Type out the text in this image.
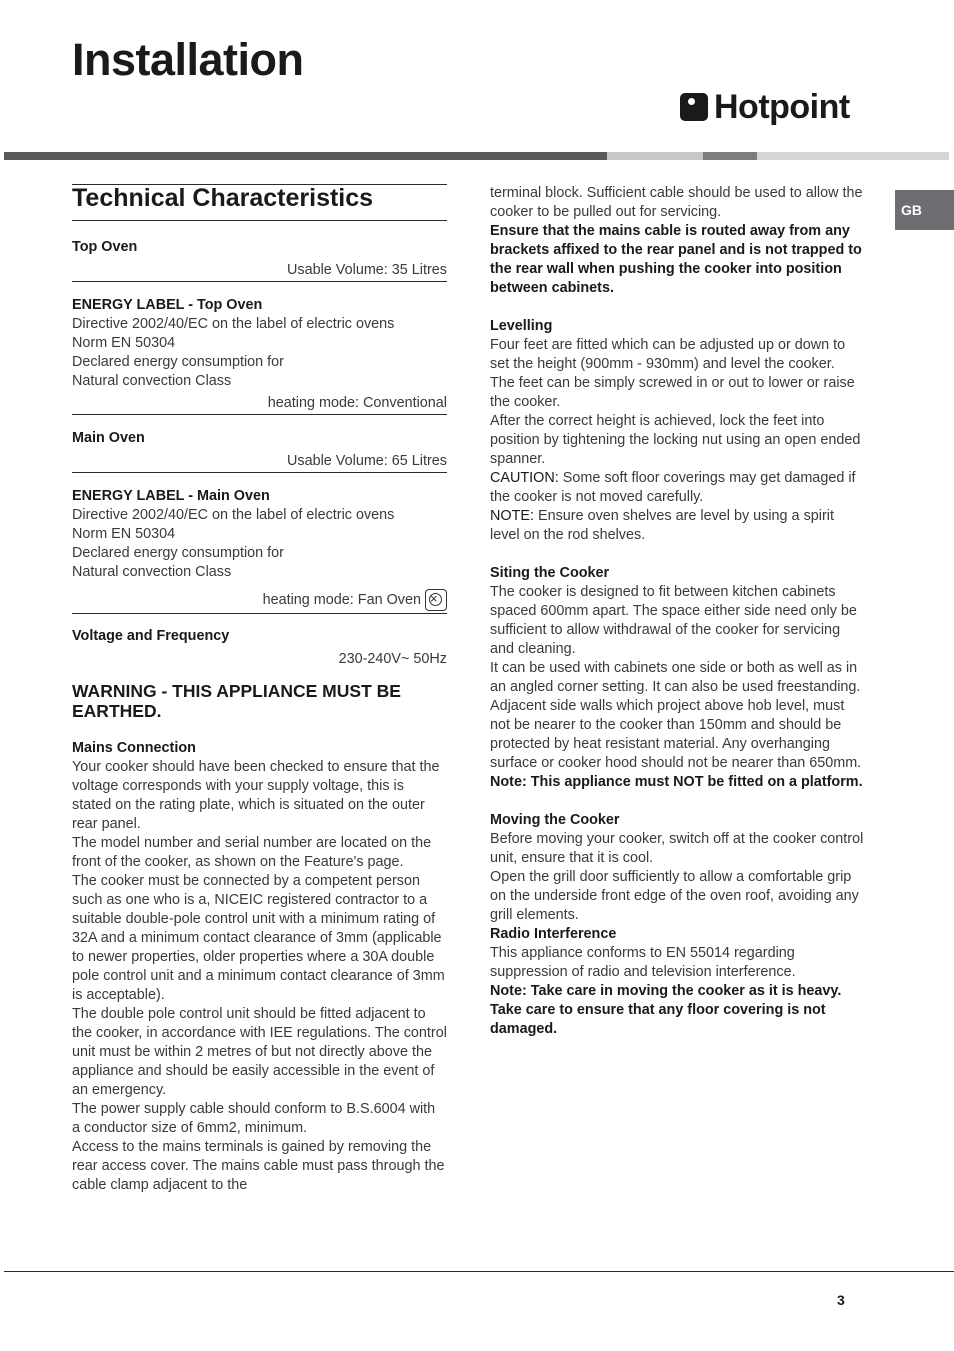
Installation
Hotpoint
GB
Technical Characteristics
Top Oven
Usable Volume: 35 Litres
ENERGY LABEL - Top Oven
Directive 2002/40/EC on the label of electric ovens
Norm EN 50304
Declared energy consumption for
Natural convection Class
heating mode: Conventional
Main Oven
Usable Volume: 65 Litres
ENERGY LABEL - Main Oven
Directive 2002/40/EC on the label of electric ovens
Norm EN 50304
Declared energy consumption for
Natural convection Class
heating mode: Fan Oven×
Voltage and Frequency
230-240V~ 50Hz
WARNING - THIS APPLIANCE MUST BE EARTHED.
Mains Connection

Your cooker should have been checked to ensure that the voltage corresponds with your supply voltage, this is stated on the rating plate, which is situated on the outer rear panel.

The model number and serial number are located on the front of the cooker, as shown on the Feature's page.

The cooker must be connected by a competent person such as one who is a, NICEIC registered contractor to a suitable double-pole control unit with a minimum rating of 32A and a minimum contact clearance of 3mm (applicable to newer properties, older properties where a 30A double pole control unit and a minimum contact clearance of 3mm is acceptable).

The double pole control unit should be fitted adjacent to the cooker, in accordance with IEE regulations. The control unit must be within 2 metres of but not directly above the appliance and should be easily accessible in the event of an emergency.

The power supply cable should conform to B.S.6004 with a conductor size of 6mm2, minimum.

Access to the mains terminals is gained by removing the rear access cover. The mains cable must pass through the cable clamp adjacent to the

terminal block. Sufficient cable should be used to allow the cooker to be pulled out for servicing.

Ensure that the mains cable is routed away from any brackets affixed to the rear panel and is not trapped to the rear wall when pushing the cooker into position between cabinets.

Levelling

Four feet are fitted which can be adjusted up or down to set the height (900mm - 930mm) and level the cooker.

The feet can be simply screwed in or out to lower or raise the cooker.

After the correct height is achieved, lock the feet into position by tightening the locking nut using an open ended spanner.

CAUTION: Some soft floor coverings may get damaged if the cooker is not moved carefully.

NOTE: Ensure oven shelves are level by using a spirit level on the rod shelves.

Siting the Cooker

The cooker is designed to fit between kitchen cabinets spaced 600mm apart. The space either side need only be sufficient to allow withdrawal of the cooker for servicing and cleaning.

It can be used with cabinets one side or both as well as in an angled corner setting. It can also be used freestanding.

Adjacent side walls which project above hob level, must not be nearer to the cooker than 150mm and should be protected by heat resistant material. Any overhanging surface or cooker hood should not be nearer than 650mm.

Note: This appliance must NOT be fitted on a platform.

Moving the Cooker

Before moving your cooker, switch off at the cooker control unit, ensure that it is cool.

Open the grill door sufficiently to allow a comfortable grip on the underside front edge of the oven roof, avoiding any grill elements.

Radio Interference

This appliance conforms to EN 55014 regarding suppression of radio and television interference.

Note: Take care in moving the cooker as it is heavy. Take care to ensure that any floor covering is not damaged.

3
